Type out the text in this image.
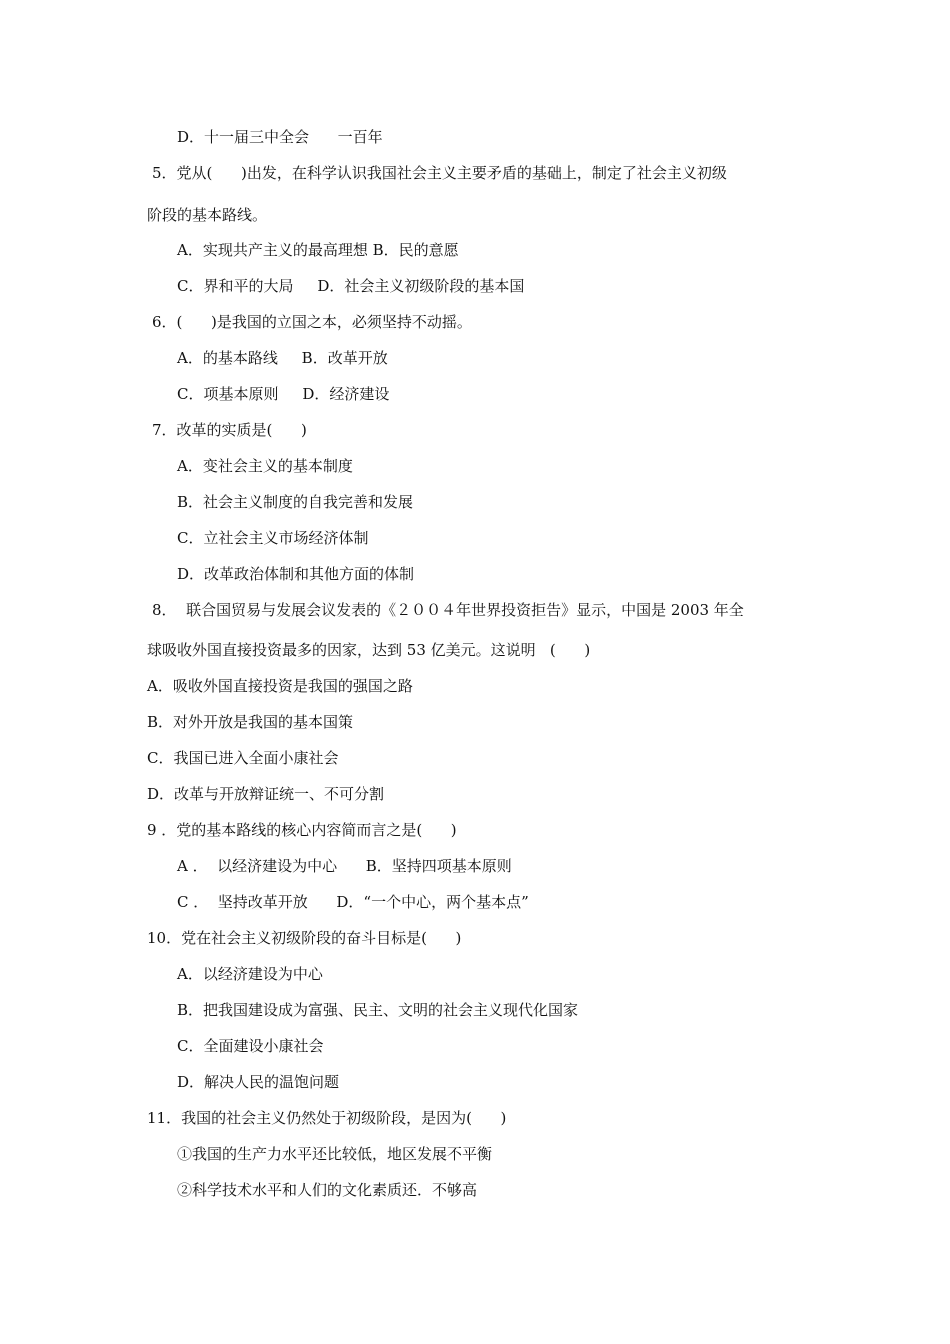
D．十一届三中全会      一百年
5．党从(      )出发，在科学认识我国社会主义主要矛盾的基础上，制定了社会主义初级
阶段的基本路线。
A．实现共产主义的最高理想 B．民的意愿
C．界和平的大局     D．社会主义初级阶段的基本国
6．(      )是我国的立国之本，必须坚持不动摇。
A．的基本路线     B．改革开放
C．项基本原则     D．经济建设
7．改革的实质是(      )
A．变社会主义的基本制度
B．社会主义制度的自我完善和发展
C．立社会主义市场经济体制
D．改革政治体制和其他方面的体制
8．  联合国贸易与发展会议发表的《２００４年世界投资拒告》显示，中国是 2003 年全
球吸收外国直接投资最多的因家，达到 53 亿美元。这说明   (      )
A．吸收外国直接投资是我国的强国之路
B．对外开放是我国的基本国策
C．我国已进入全面小康社会
D．改革与开放辩证统一、不可分割
9 ．党的基本路线的核心内容简而言之是(      )
A ．  以经济建设为中心      B．坚持四项基本原则
C ．  坚持改革开放      D．“一个中心，两个基本点”
10．党在社会主义初级阶段的奋斗目标是(      )
A．以经济建设为中心
B．把我国建设成为富强、民主、文明的社会主义现代化国家
C．全面建设小康社会
D．解决人民的温饱问题
11．我国的社会主义仍然处于初级阶段，是因为(      )
①我国的生产力水平还比较低，地区发展不平衡
②科学技术水平和人们的文化素质还．不够高
